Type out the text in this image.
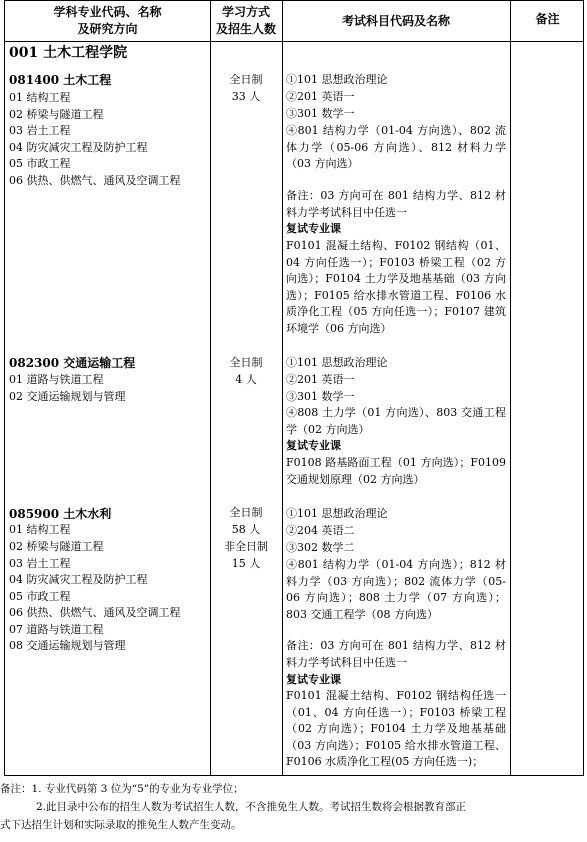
学科专业代码、名称
及研究方向
学习方式
及招生人数
考试科目代码及名称	备注
001 土木工程学院
081400 土木工程
01 结构工程
02 桥梁与隧道工程
03 岩土工程
04 防灾减灾工程及防护工程
05 市政工程
06 供热、供燃气、通风及空调工程
全日制
33 人
①101 思想政治理论
②201 英语一
③301 数学一
④801 结构力学（01-04 方向选）、802 流体力学（05-06 方向选）、812 材料力学（03 方向选）
备注：03 方向可在 801 结构力学、812 材料力学考试科目中任选一
复试专业课
F0101 混凝土结构、F0102 钢结构（01、04 方向任选一）；F0103 桥梁工程（02 方向选）；F0104 土力学及地基基础（03 方向选）；F0105 给水排水管道工程、F0106 水质净化工程（05 方向任选一）；F0107 建筑环境学（06 方向选）
082300 交通运输工程
01 道路与铁道工程
02 交通运输规划与管理
全日制
4 人
①101 思想政治理论
②201 英语一
③301 数学一
④808 土力学（01 方向选）、803 交通工程学（02 方向选）
复试专业课
F0108 路基路面工程（01 方向选）；F0109 交通规划原理（02 方向选）
085900 土木水利
01 结构工程
02 桥梁与隧道工程
03 岩土工程
04 防灾减灾工程及防护工程
05 市政工程
06 供热、供燃气、通风及空调工程
07 道路与铁道工程
08 交通运输规划与管理
全日制
58 人
非全日制
15 人
①101 思想政治理论
②204 英语二
③302 数学二
④801 结构力学（01-04 方向选）；812 材料力学（03 方向选）；802 流体力学（05-06 方向选）；808 土力学（07 方向选）；803 交通工程学（08 方向选）
备注：03 方向可在 801 结构力学、812 材料力学考试科目中任选一
复试专业课
F0101 混凝土结构、F0102 钢结构任选一（01、04 方向任选一）；F0103 桥梁工程（02 方向选）；F0104 土力学及地基基础（03 方向选）；F0105 给水排水管道工程、F0106 水质净化工程(05 方向任选一)；
备注：1. 专业代码第 3 位为“5”的专业为专业学位；
2.此目录中公布的招生人数为考试招生人数，不含推免生人数。考试招生数将会根据教育部正
式下达招生计划和实际录取的推免生人数产生变动。
